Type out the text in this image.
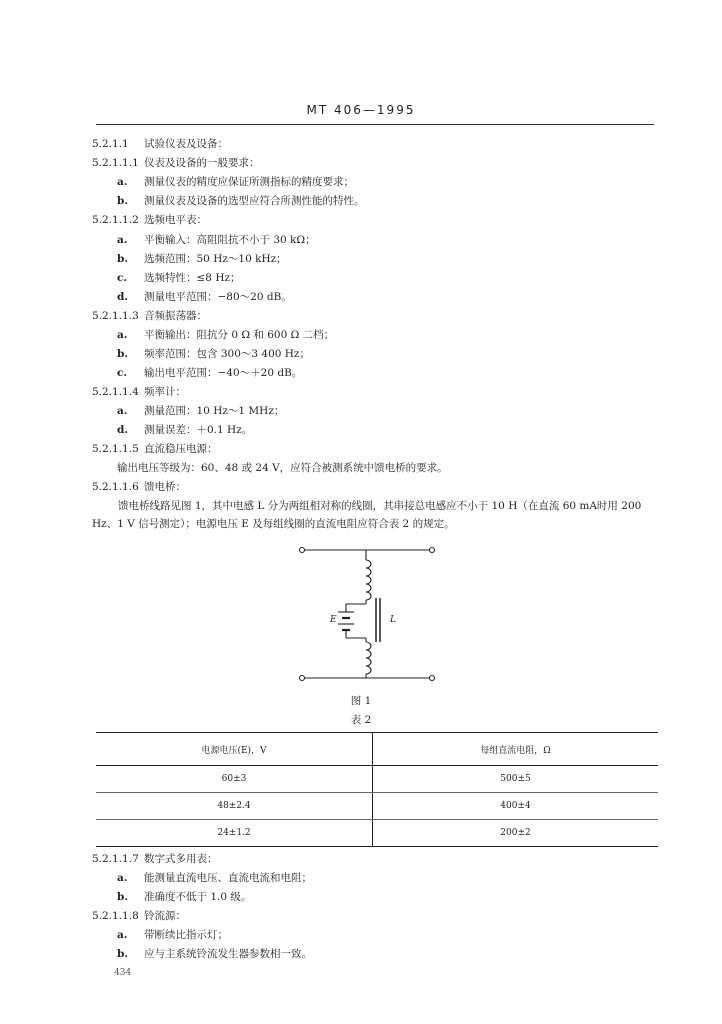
MT 406—1995
5.2.1.1 试验仪表及设备：
5.2.1.1.1 仪表及设备的一般要求：
a. 测量仪表的精度应保证所测指标的精度要求；
b. 测量仪表及设备的选型应符合所测性能的特性。
5.2.1.1.2 选频电平表：
a. 平衡输入：高阻阻抗不小于 30 kΩ；
b. 选频范围：50 Hz～10 kHz；
c. 选频特性：≤8 Hz；
d. 测量电平范围：−80～20 dB。
5.2.1.1.3 音频振荡器：
a. 平衡输出：阻抗分 0 Ω 和 600 Ω 二档；
b. 频率范围：包含 300～3 400 Hz；
c. 输出电平范围：−40～＋20 dB。
5.2.1.1.4 频率计：
a. 测量范围：10 Hz～1 MHz；
d. 测量误差：＋0.1 Hz。
5.2.1.1.5 直流稳压电源：
输出电压等级为：60、48 或 24 V，应符合被测系统中馈电桥的要求。
5.2.1.1.6 馈电桥：
馈电桥线路见图 1，其中电感 L 分为两组相对称的线圈，其串接总电感应不小于 10 H（在直流 60 mA时用 200 Hz、1 V 信号测定）；电源电压 E 及每组线圈的直流电阻应符合表 2 的规定。
E	L
图 1
表 2
电源电压(E)，V	每组直流电阻，Ω
60±3	500±5
48±2.4	400±4
24±1.2	200±2
5.2.1.1.7 数字式多用表：
a. 能测量直流电压、直流电流和电阻；
b. 准确度不低于 1.0 级。
5.2.1.1.8 铃流源：
a. 带断续比指示灯；
b. 应与主系统铃流发生器参数相一致。
434
